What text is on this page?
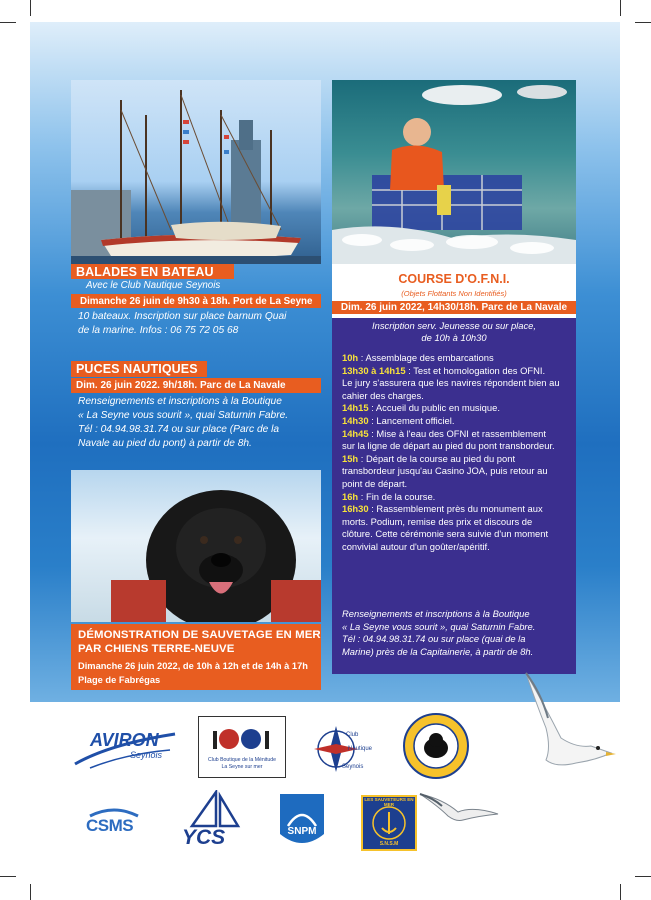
BALADES EN BATEAU
Avec le Club Nautique Seynois
Dimanche 26 juin de 9h30 à 18h. Port de La Seyne
10 bateaux. Inscription sur place barnum Quai
de la marine. Infos : 06 75 72 05 68
PUCES NAUTIQUES
Dim. 26 juin 2022. 9h/18h. Parc de La Navale
Renseignements et inscriptions à la Boutique
« La Seyne vous sourit », quai Saturnin Fabre.
Tél : 04.94.98.31.74 ou sur place (Parc de la
Navale au pied du pont) à partir de 8h.
DÉMONSTRATION DE SAUVETAGE EN MER
PAR CHIENS TERRE-NEUVE
Dimanche 26 juin 2022, de 10h à 12h et de 14h à 17h
Plage de Fabrégas
COURSE D'O.F.N.I.
(Objets Flottants Non Identifiés)
Dim. 26 juin 2022, 14h30/18h. Parc de La Navale
Inscription serv. Jeunesse ou sur place,
de 10h à 10h30
10h : Assemblage des embarcations
13h30 à 14h15 : Test et homologation des OFNI.
Le jury s'assurera que les navires répondent bien au
cahier des charges.
14h15 : Accueil du public en musique.
14h30 : Lancement officiel.
14h45 : Mise à l'eau des OFNI et rassemblement
sur la ligne de départ au pied du pont transbordeur.
15h : Départ de la course au pied du pont
transbordeur jusqu'au Casino JOA, puis retour au
point de départ.
16h : Fin de la course.
16h30 : Rassemblement près du monument aux
morts. Podium, remise des prix et discours de
clôture. Cette cérémonie sera suivie d'un moment
convivial autour d'un goûter/apéritif.
Renseignements et inscriptions à la Boutique
« La Seyne vous sourit », quai Saturnin Fabre.
Tél : 04.94.98.31.74 ou sur place (quai de la
Marine) près de la Capitainerie, à partir de 8h.
AVIRON
Seynois	Club Boutique de la Ménitude
La Seyne sur mer
Club
Nautique
Seynois
CSMS
YCS	SNPM
LES SAUVETEURS EN MER
S.N.S.M
